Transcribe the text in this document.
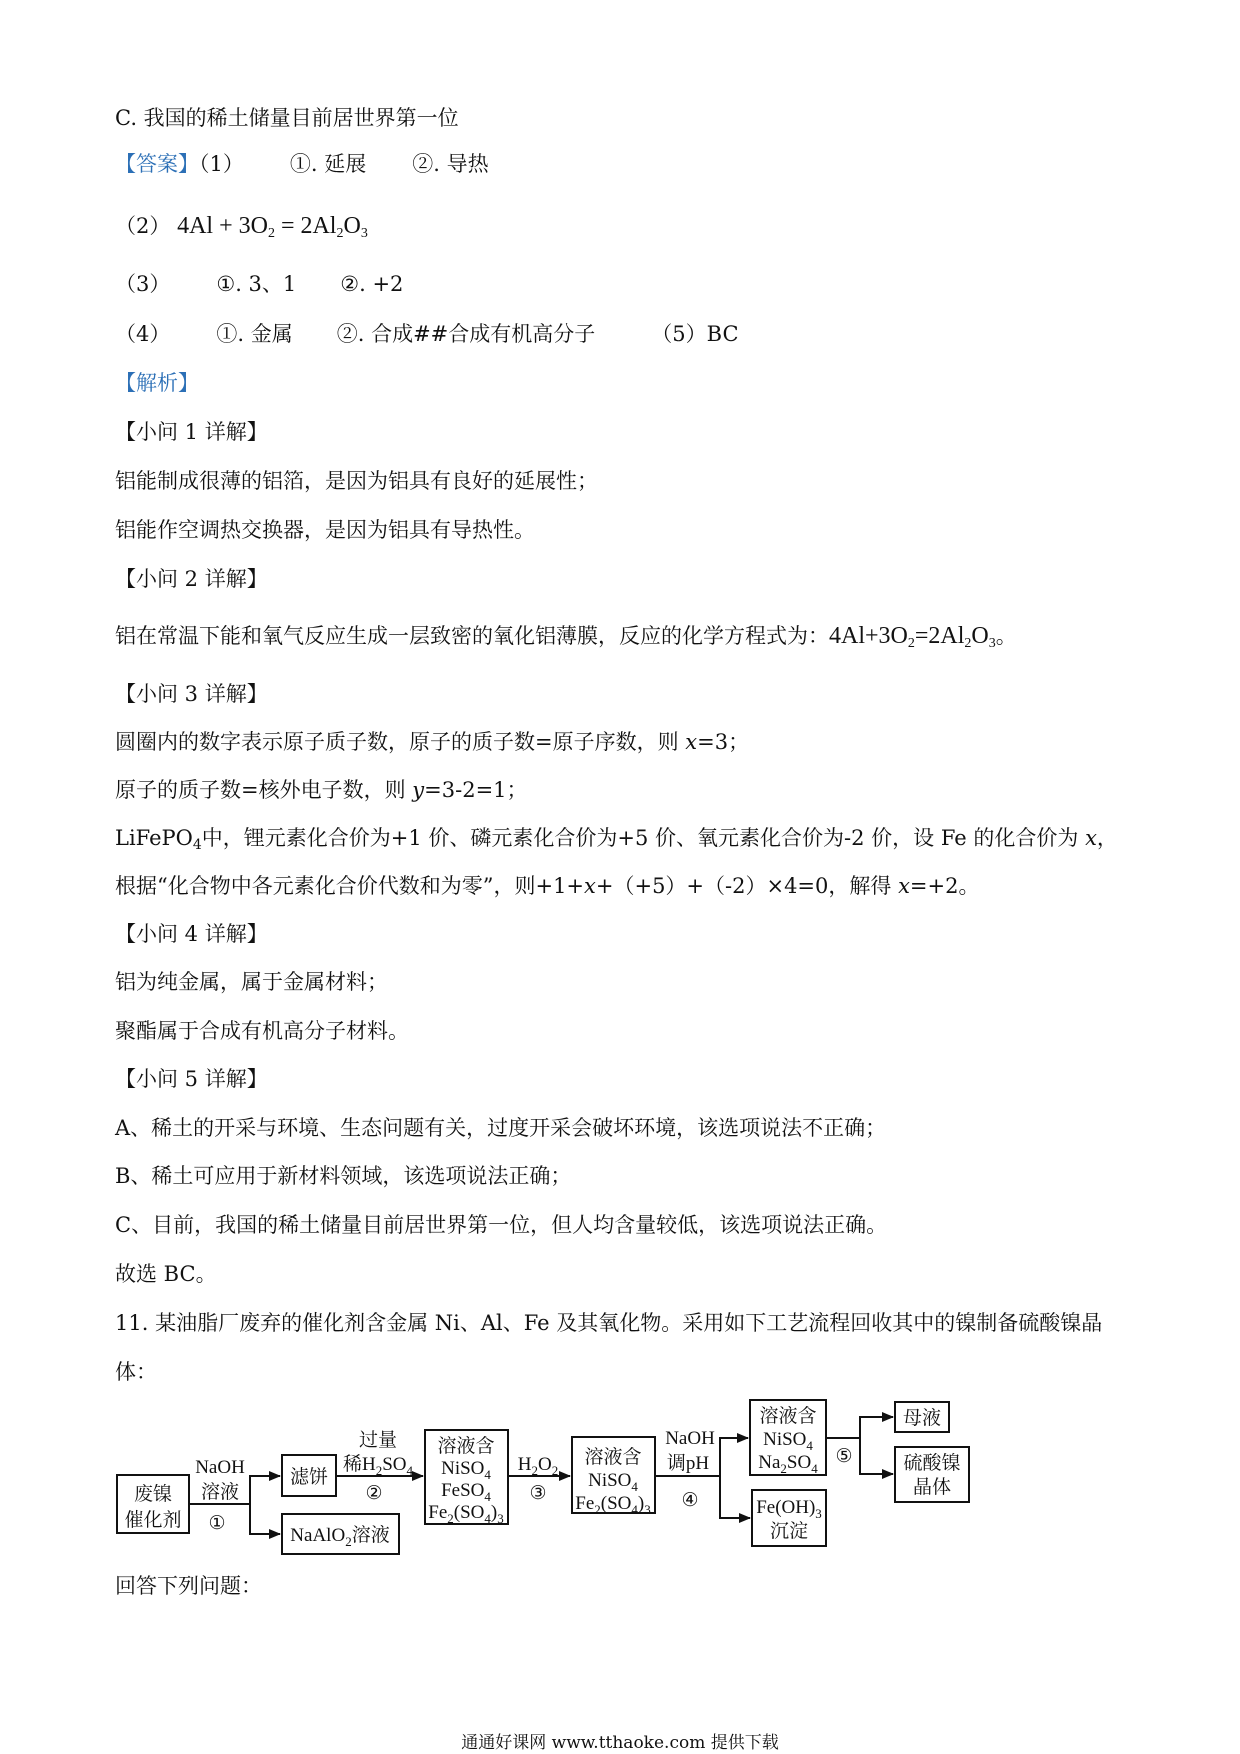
C. 我国的稀土储量目前居世界第一位
【答案】（1） ①. 延展 ②. 导热
（2） $4Al + 3O_2 = 2Al_2O_3$
（3） ①. 3、1 ②. +2
（4） ①. 金属 ②. 合成##合成有机高分子	（5）BC
【解析】
【小问 1 详解】
铝能制成很薄的铝箔，是因为铝具有良好的延展性；
铝能作空调热交换器，是因为铝具有导热性。
【小问 2 详解】
铝在常温下能和氧气反应生成一层致密的氧化铝薄膜，反应的化学方程式为：$4Al+3O_2=2Al_2O_3$。
【小问 3 详解】
圆圈内的数字表示原子质子数，原子的质子数=原子序数，则 x=3；
原子的质子数=核外电子数，则 y=3-2=1；
LiFePO$_4$中，锂元素化合价为+1 价、磷元素化合价为+5 价、氧元素化合价为-2 价，设 Fe 的化合价为 x，
根据“化合物中各元素化合价代数和为零”，则+1+x+（+5）+（-2）×4=0，解得 x=+2。
【小问 4 详解】
铝为纯金属，属于金属材料；
聚酯属于合成有机高分子材料。
【小问 5 详解】
A、稀土的开采与环境、生态问题有关，过度开采会破坏环境，该选项说法不正确；
B、稀土可应用于新材料领域，该选项说法正确；
C、目前，我国的稀土储量目前居世界第一位，但人均含量较低，该选项说法正确。
故选 BC。
11. 某油脂厂废弃的催化剂含金属 Ni、Al、Fe 及其氧化物。采用如下工艺流程回收其中的镍制备硫酸镍晶
体：
废镍
催化剂
NaOH
溶液
①
滤饼
NaAlO$_2$溶液
过量
稀$H_2SO_4$
②
溶液含
NiSO$_4$
FeSO$_4$
$Fe_2(SO_4)_3$
$H_2O_2$
③
溶液含
NiSO$_4$
$Fe_2(SO_4)_3$
NaOH
调pH
④
溶液含
NiSO$_4$
$Na_2SO_4$
⑤
$Fe(OH)_3$
沉淀
母液
硫酸镍
晶体
回答下列问题：
通通好课网 www.tthaoke.com 提供下载
